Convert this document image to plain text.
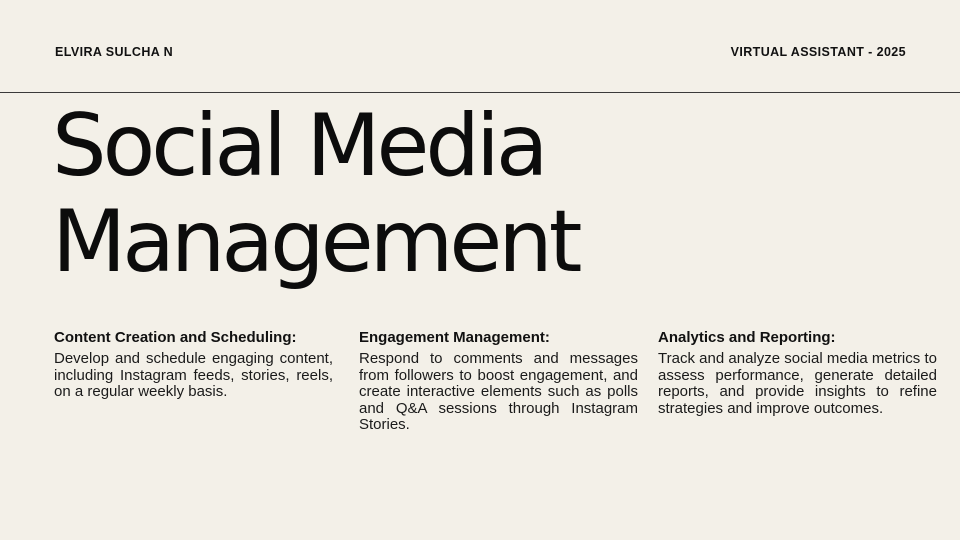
ELVIRA SULCHA N	VIRTUAL ASSISTANT - 2025
Social Media
Management
Content Creation and Scheduling:

Develop and schedule engaging content, including Instagram feeds, stories, reels, on a regular weekly basis.

Engagement Management:

Respond to comments and messages from followers to boost engagement, and create interactive elements such as polls and Q&A sessions through Instagram Stories.

Analytics and Reporting:

Track and analyze social media metrics to assess performance, generate detailed reports, and provide insights to refine strategies and improve outcomes.
